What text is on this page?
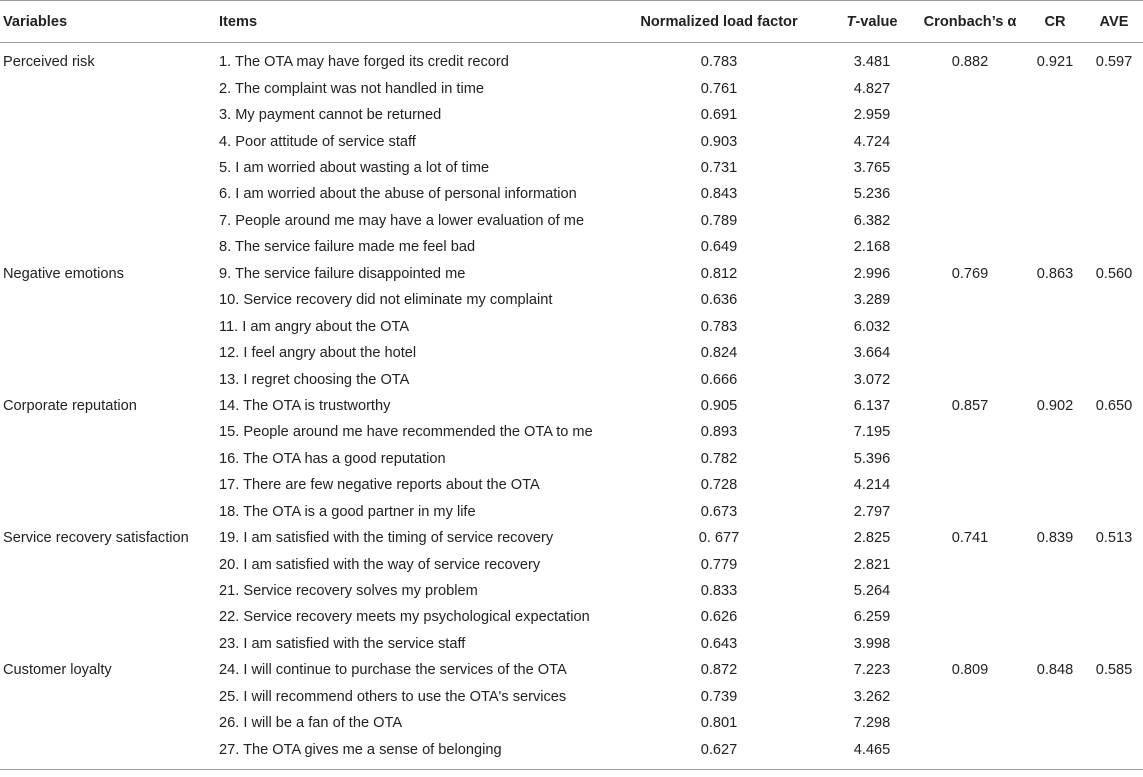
Variables	Items	Normalized load factor	T-value	Cronbach’s α	CR	AVE
Perceived risk	1. The OTA may have forged its credit record	0.783	3.481	0.882	0.921	0.597
	2. The complaint was not handled in time	0.761	4.827			
	3. My payment cannot be returned	0.691	2.959			
	4. Poor attitude of service staff	0.903	4.724			
	5. I am worried about wasting a lot of time	0.731	3.765			
	6. I am worried about the abuse of personal information	0.843	5.236			
	7. People around me may have a lower evaluation of me	0.789	6.382			
	8. The service failure made me feel bad	0.649	2.168			
Negative emotions	9. The service failure disappointed me	0.812	2.996	0.769	0.863	0.560
	10. Service recovery did not eliminate my complaint	0.636	3.289			
	11. I am angry about the OTA	0.783	6.032			
	12. I feel angry about the hotel	0.824	3.664			
	13. I regret choosing the OTA	0.666	3.072			
Corporate reputation	14. The OTA is trustworthy	0.905	6.137	0.857	0.902	0.650
	15. People around me have recommended the OTA to me	0.893	7.195			
	16. The OTA has a good reputation	0.782	5.396			
	17. There are few negative reports about the OTA	0.728	4.214			
	18. The OTA is a good partner in my life	0.673	2.797			
Service recovery satisfaction	19. I am satisfied with the timing of service recovery	0. 677	2.825	0.741	0.839	0.513
	20. I am satisfied with the way of service recovery	0.779	2.821			
	21. Service recovery solves my problem	0.833	5.264			
	22. Service recovery meets my psychological expectation	0.626	6.259			
	23. I am satisfied with the service staff	0.643	3.998			
Customer loyalty	24. I will continue to purchase the services of the OTA	0.872	7.223	0.809	0.848	0.585
	25. I will recommend others to use the OTA's services	0.739	3.262			
	26. I will be a fan of the OTA	0.801	7.298			
	27. The OTA gives me a sense of belonging	0.627	4.465			
